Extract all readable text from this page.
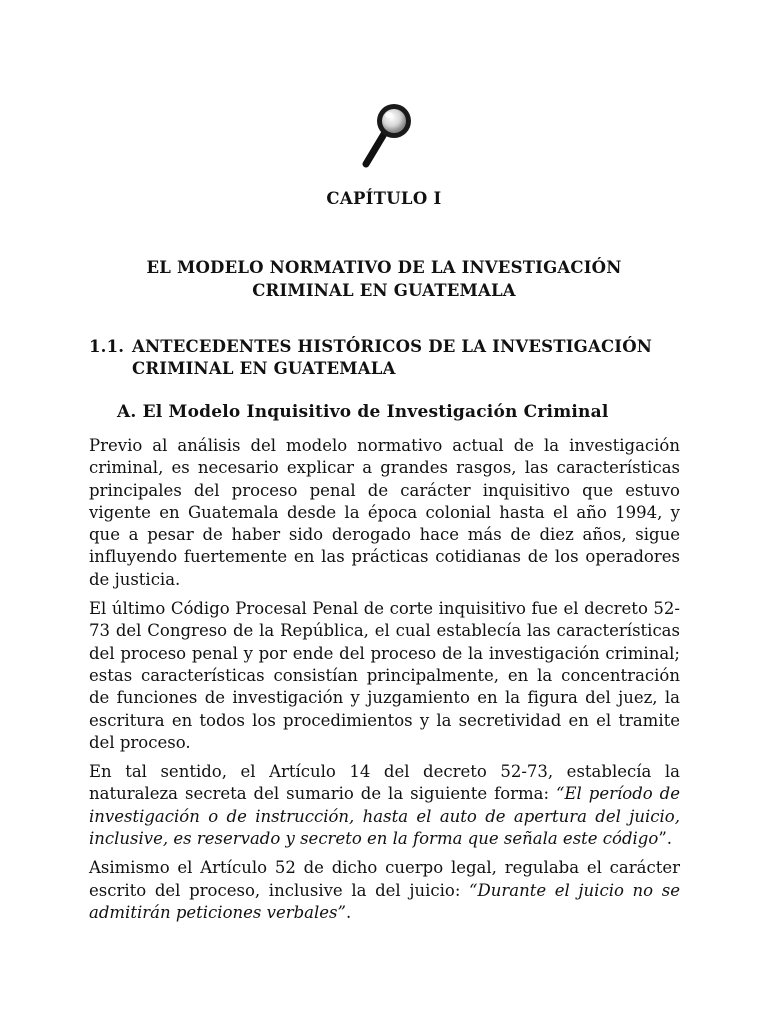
CAPÍTULO I
EL MODELO NORMATIVO DE LA INVESTIGACIÓN
CRIMINAL EN GUATEMALA
1.1. ANTECEDENTES HISTÓRICOS DE LA INVESTIGACIÓN
CRIMINAL EN GUATEMALA
A. El Modelo Inquisitivo de Investigación Criminal

Previo al análisis del modelo normativo actual de la investigación criminal, es necesario explicar a grandes rasgos, las características principales del proceso penal de carácter inquisitivo que estuvo vigente en Guatemala desde la época colonial hasta el año 1994, y que a pesar de haber sido derogado hace más de diez años, sigue influyendo fuertemente en las prácticas cotidianas de los operadores de justicia.

El último Código Procesal Penal de corte inquisitivo fue el decreto 52-73 del Congreso de la República, el cual establecía las características del proceso penal y por ende del proceso de la investigación criminal; estas características consistían principalmente, en la concentración de funciones de investigación y juzgamiento en la figura del juez, la escritura en todos los procedimientos y la secretividad en el tramite del proceso.

En tal sentido, el Artículo 14 del decreto 52-73, establecía la naturaleza secreta del sumario de la siguiente forma: “El período de investigación o de instrucción, hasta el auto de apertura del juicio, inclusive, es reservado y secreto en la forma que señala este código”.

Asimismo el Artículo 52 de dicho cuerpo legal, regulaba el carácter escrito del proceso, inclusive la del juicio: “Durante el juicio no se admitirán peticiones verbales”.
